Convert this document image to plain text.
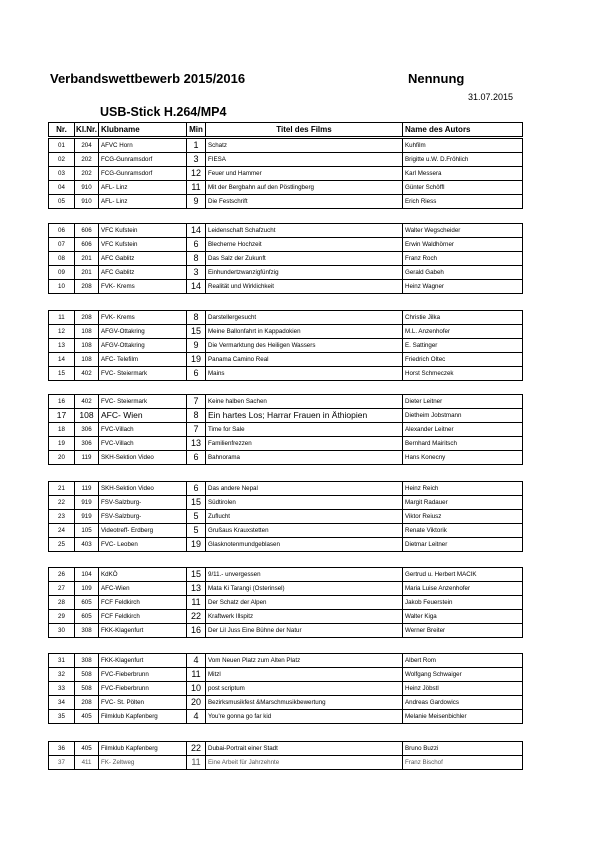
Verbandswettbewerb 2015/2016	Nennung
31.07.2015
USB-Stick H.264/MP4
Nr.	Kl.Nr.	Klubname	Min	Titel des Films	Name des Autors
01	204	AFVC Horn	1	Schatz	Kuhfilm
02	202	FCG-Gunramsdorf	3	FIESA	Brigitte u.W. D.Fröhlich
03	202	FCG-Gunramsdorf	12	Feuer und Hammer	Karl Messera
04	910	AFL- Linz	11	Mit der Bergbahn auf den Pöstlingberg	Günter Schöffl
05	910	AFL- Linz	9	Die Festschrift	Erich Riess
06	606	VFC Kufstein	14	Leidenschaft Schafzucht	Walter Wegscheider
07	606	VFC Kufstein	6	Blecherne Hochzeit	Erwin Waldhörner
08	201	AFC Gablitz	8	Das Salz der Zukunft	Franz Roch
09	201	AFC Gablitz	3	Einhundertzwanzigfünfzig	Gerald Gabeh
10	208	FVK- Krems	14	Realität und Wirklichkeit	Heinz Wagner
11	208	FVK- Krems	8	Darstellergesucht	Christie Jilka
12	108	AFGV-Ottakring	15	Meine Ballonfahrt in Kappadokien	M.L. Anzenhofer
13	108	AFGV-Ottakring	9	Die Vermarktung des Heiligen Wassers	E. Sattinger
14	108	AFC- Telefilm	19	Panama Camino Real	Friedrich Oltec
15	402	FVC- Steiermark	6	Mains	Horst Schmeczek
16	402	FVC- Steiermark	7	Keine halben Sachen	Dieter Leitner
17	108	AFC- Wien	8	Ein hartes Los; Harrar Frauen in Äthiopien	Dietheim Jobstmann
18	306	FVC-Villach	7	Time for Sale	Alexander Leitner
19	306	FVC-Villach	13	Familienfrezzen	Bernhard Mairitsch
20	119	SKH-Sektion Video	6	Bahnorama	Hans Konecny
21	119	SKH-Sektion Video	6	Das andere Nepal	Heinz Reich
22	919	FSV-Salzburg-	15	Südtirolen	Margit Radauer
23	919	FSV-Salzburg-	5	Zuflucht	Viktor Reiusz
24	105	Videotreff- Erdberg	5	Grußaus Krauxstetten	Renate Viktorik
25	403	FVC- Leoben	19	Glasknotenmundgeblasen	Dietmar Leitner
26	104	KdKÖ	15	9/11.- unvergessen	Gertrud u. Herbert MACIK
27	109	AFC-Wien	13	Mata Ki Tarangi (Osterinsel)	Maria Luise Anzenhofer
28	605	FCF Feldkirch	11	Der Schatz der Alpen	Jakob Feuerstein
29	605	FCF Feldkirch	22	Kraftwerk Illspitz	Walter Kiga
30	308	FKK-Klagenfurt	16	Der Lil Juss Eine Bühne der Natur	Werner Breiter
31	308	FKK-Klagenfurt	4	Vom Neuen Platz zum Alten Platz	Albert Rom
32	508	FVC-Fieberbrunn	11	Mitzl	Wolfgang Schwaiger
33	508	FVC-Fieberbrunn	10	post scriptum	Heinz Jöbstl
34	208	FVC- St. Pölten	20	Bezirksmusikfest &Marschmusikbewertung	Andreas Gardowics
35	405	Filmklub Kapfenberg	4	You're gonna go far kid	Melanie Meisenbichler
36	405	Filmklub Kapfenberg	22	Dubai-Portrait einer Stadt	Bruno Buzzi
37	411	FK- Zeltweg	11	Eine Arbeit für Jahrzehnte	Franz Bischof
